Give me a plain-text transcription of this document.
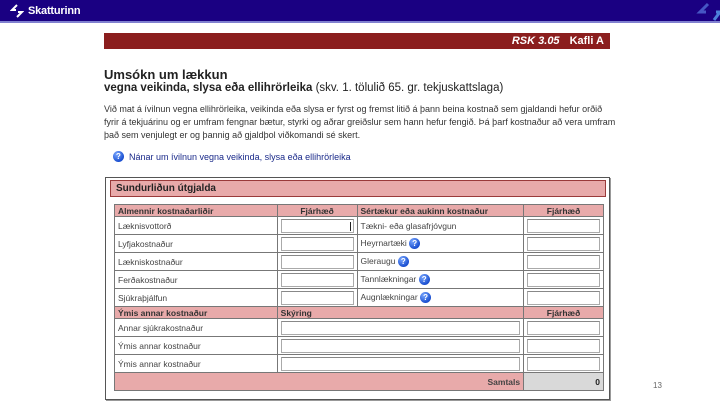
Skatturinn
RSK 3.05 Kafli A
Umsókn um lækkun
vegna veikinda, slysa eða ellihrörleika (skv. 1. tölulið 65. gr. tekjuskattslaga)
Við mat á ívilnun vegna ellihrörleika, veikinda eða slysa er fyrst og fremst litið á þann beina kostnað sem gjaldandi hefur orðið fyrir á tekjuárinu og er umfram fengnar bætur, styrki og aðrar greiðslur sem hann hefur fengið. Þá þarf kostnaður að vera umfram það sem venjulegt er og þannig að gjaldþol viðkomandi sé skert.
? Nánar um ívilnun vegna veikinda, slysa eða ellihrörleika
Sundurliðun útgjalda
Almennir kostnaðarliðir	Fjárhæð	Sértækur eða aukinn kostnaður	Fjárhæð
Læknisvottorð		Tækni- eða glasafrjóvgun	

Lyfjakostnaður		Heyrnartæki ?	

Lækniskostnaður		Gleraugu ?	

Ferðakostnaður		Tannlækningar ?	

Sjúkraþjálfun		Augnlækningar ?	

Ýmis annar kostnaður	Skýring		Fjárhæð
Annar sjúkrakostnaður		

Ýmis annar kostnaður		

Ýmis annar kostnaður		

Samtals			0	13
